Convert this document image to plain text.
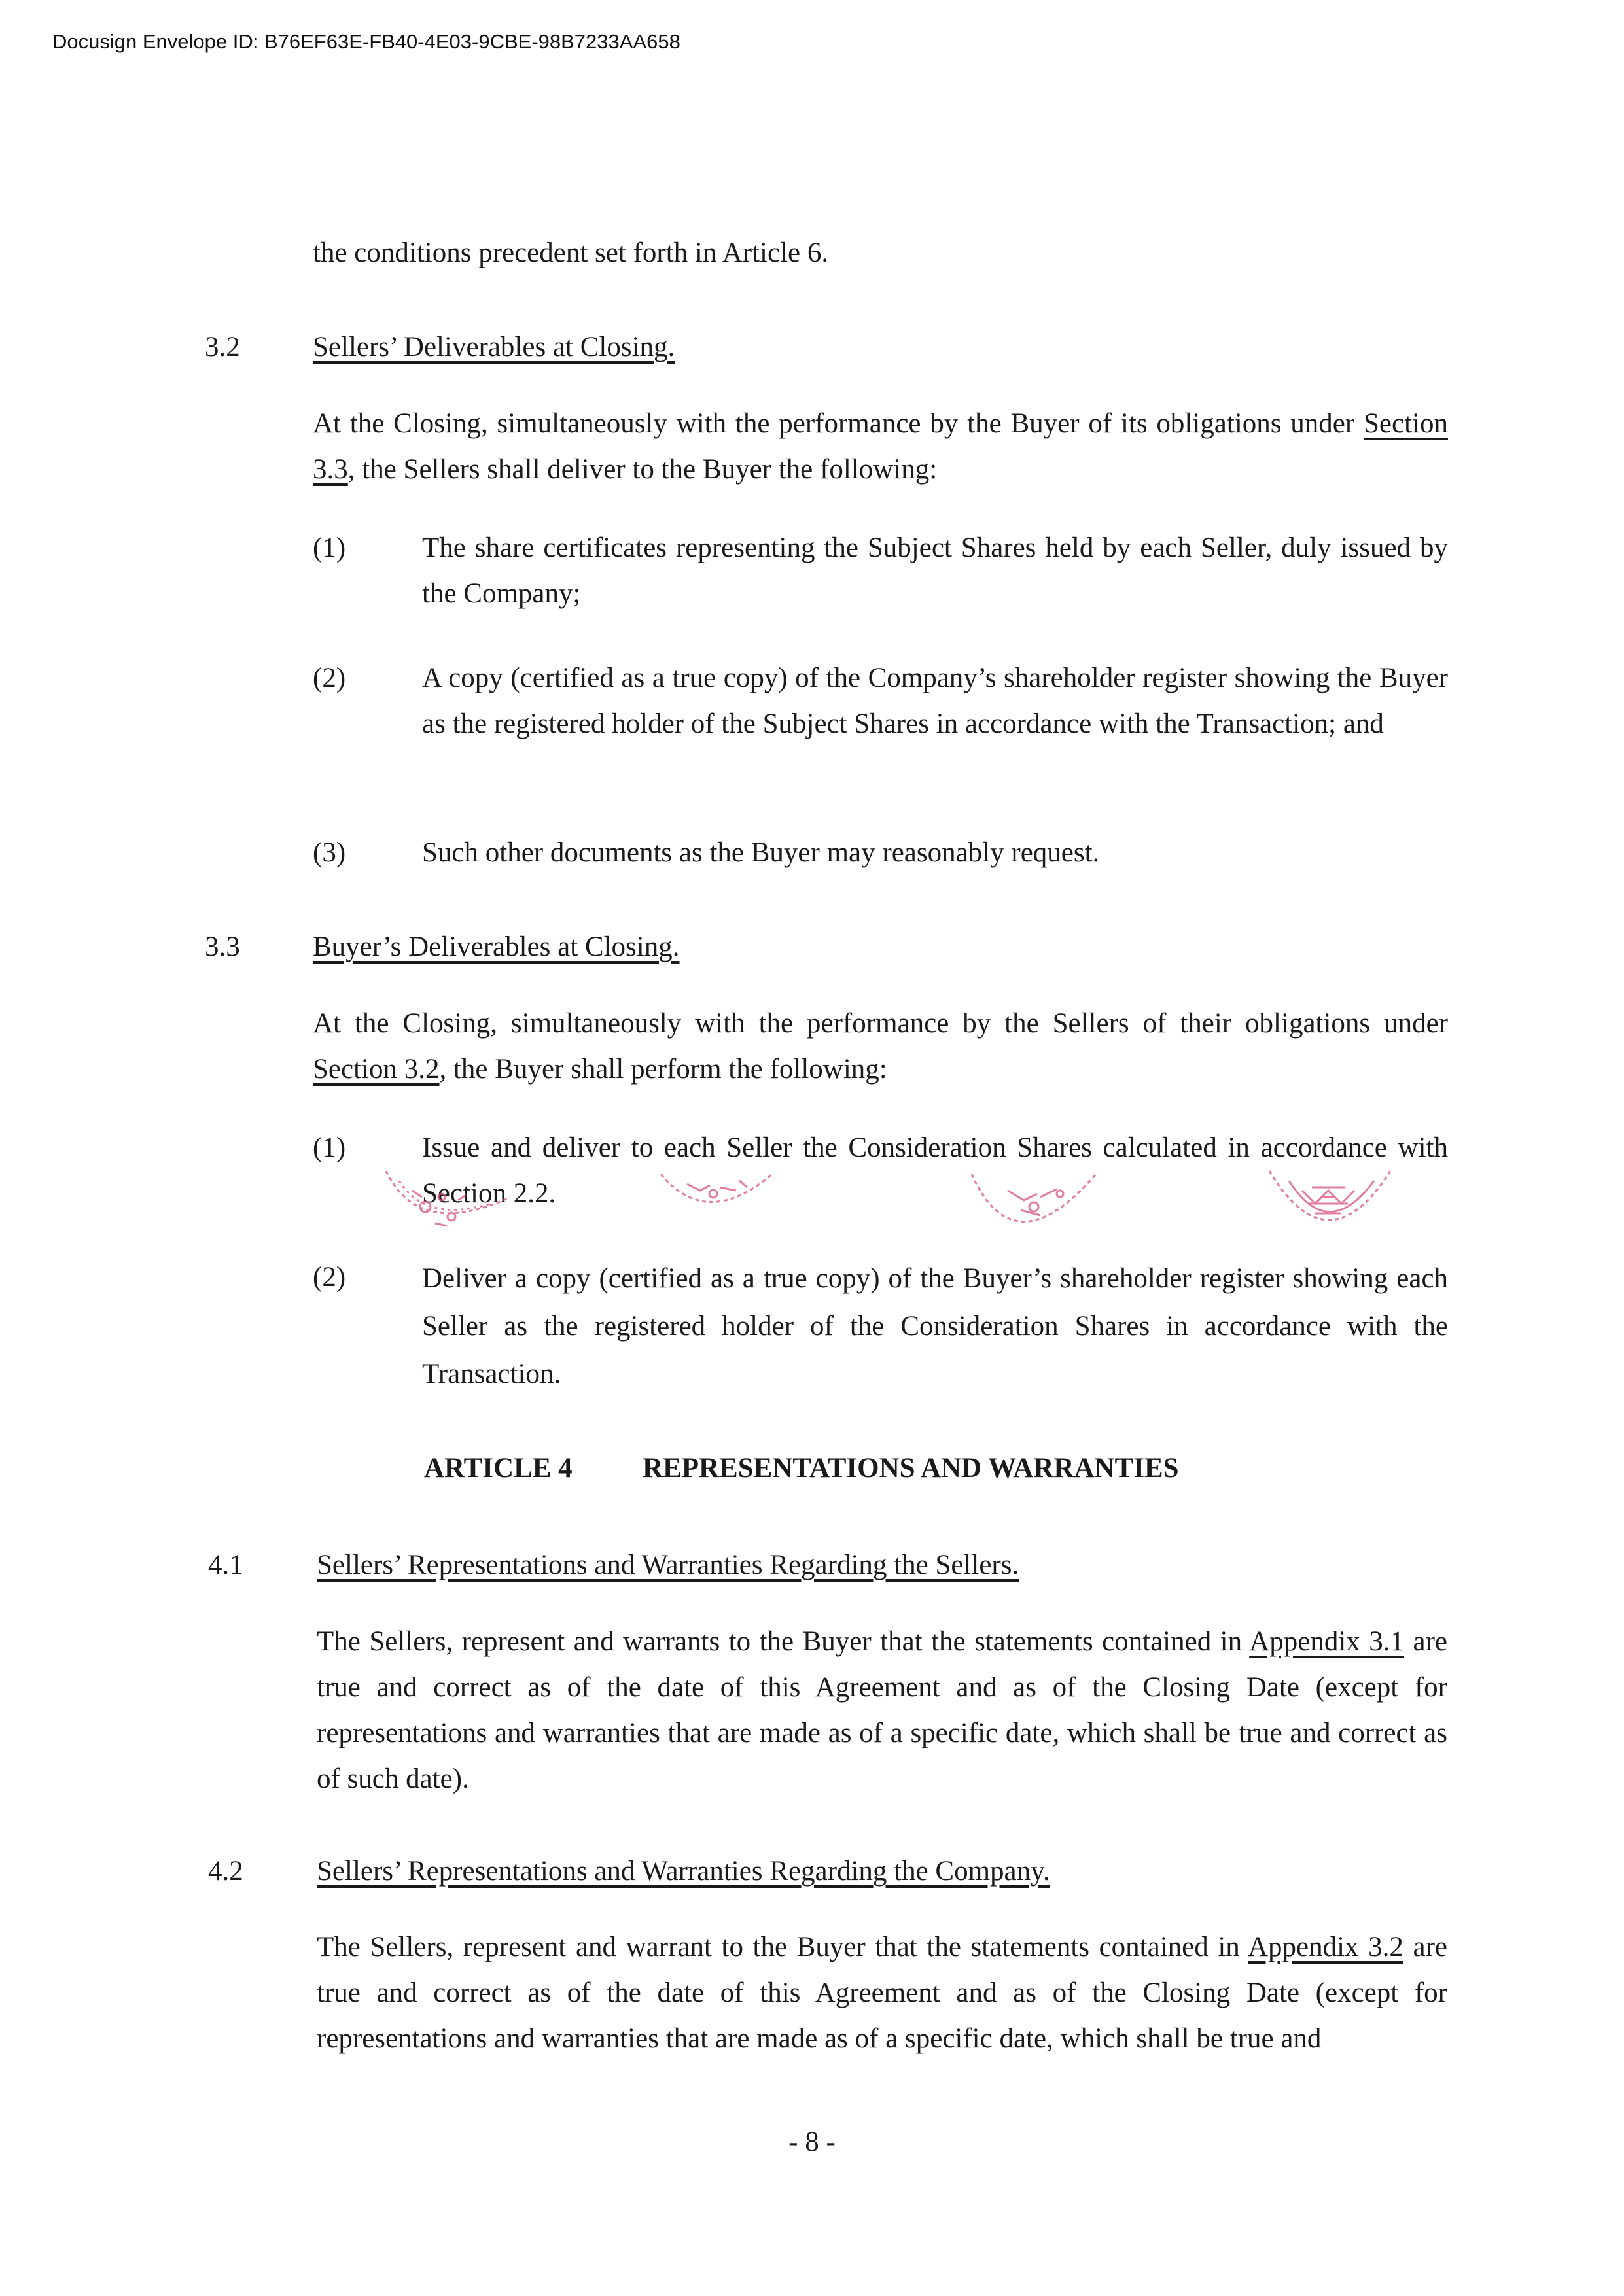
Docusign Envelope ID: B76EF63E-FB40-4E03-9CBE-98B7233AA658
the conditions precedent set forth in Article 6.
3.2	Sellers’ Deliverables at Closing.
At the Closing, simultaneously with the performance by the Buyer of its obligations under Section 3.3, the Sellers shall deliver to the Buyer the following:
(1)	The share certificates representing the Subject Shares held by each Seller, duly issued by the Company;
(2)	A copy (certified as a true copy) of the Company’s shareholder register showing the Buyer as the registered holder of the Subject Shares in accordance with the Transaction; and
(3)	Such other documents as the Buyer may reasonably request.
3.3	Buyer’s Deliverables at Closing.
At the Closing, simultaneously with the performance by the Sellers of their obligations under Section 3.2, the Buyer shall perform the following:
(1)	Issue and deliver to each Seller the Consideration Shares calculated in accordance with Section 2.2.
(2)	Deliver a copy (certified as a true copy) of the Buyer’s shareholder register showing each Seller as the registered holder of the Consideration Shares in accordance with the Transaction.
ARTICLE 4 REPRESENTATIONS AND WARRANTIES
4.1	Sellers’ Representations and Warranties Regarding the Sellers.
The Sellers, represent and warrants to the Buyer that the statements contained in Appendix 3.1 are true and correct as of the date of this Agreement and as of the Closing Date (except for representations and warranties that are made as of a specific date, which shall be true and correct as of such date).
4.2	Sellers’ Representations and Warranties Regarding the Company.
The Sellers, represent and warrant to the Buyer that the statements contained in Appendix 3.2 are true and correct as of the date of this Agreement and as of the Closing Date (except for representations and warranties that are made as of a specific date, which shall be true and
- 8 -
